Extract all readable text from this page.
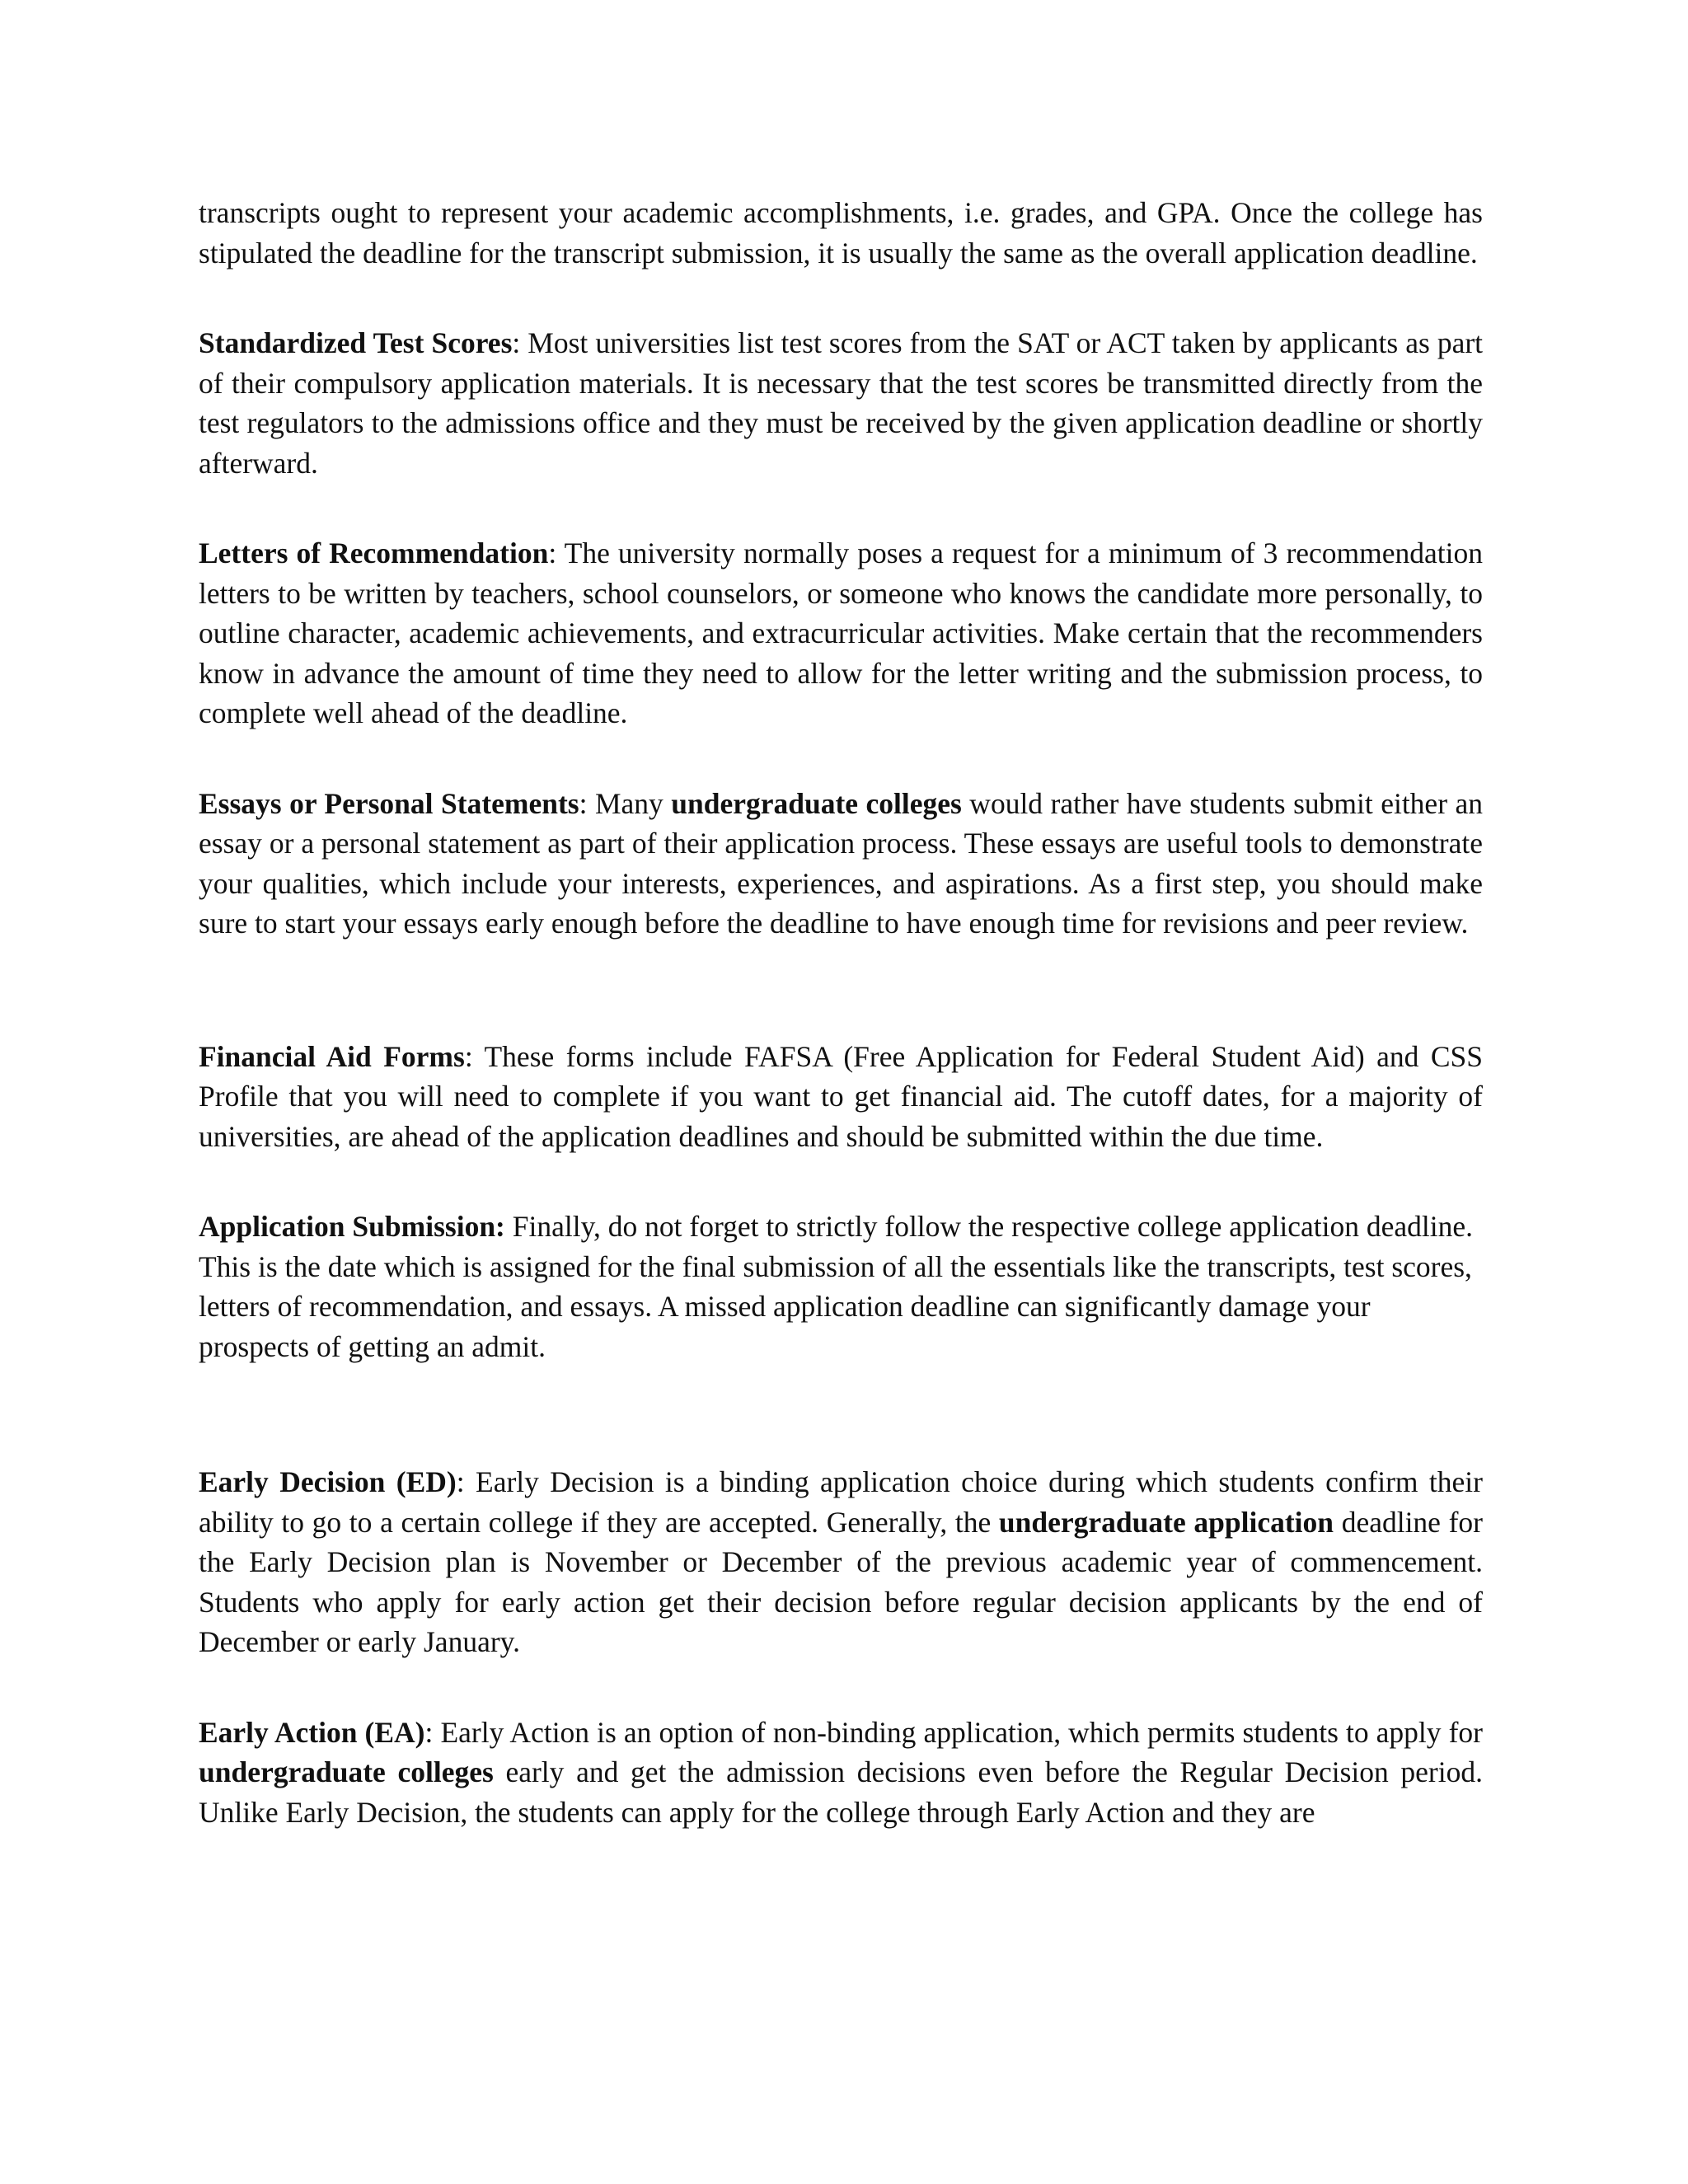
transcripts ought to represent your academic accomplishments, i.e. grades, and GPA. Once the college has stipulated the deadline for the transcript submission, it is usually the same as the overall application deadline.

Standardized Test Scores: Most universities list test scores from the SAT or ACT taken by applicants as part of their compulsory application materials. It is necessary that the test scores be transmitted directly from the test regulators to the admissions office and they must be received by the given application deadline or shortly afterward.

Letters of Recommendation: The university normally poses a request for a minimum of 3 recommendation letters to be written by teachers, school counselors, or someone who knows the candidate more personally, to outline character, academic achievements, and extracurricular activities. Make certain that the recommenders know in advance the amount of time they need to allow for the letter writing and the submission process, to complete well ahead of the deadline.

Essays or Personal Statements: Many undergraduate colleges would rather have students submit either an essay or a personal statement as part of their application process. These essays are useful tools to demonstrate your qualities, which include your interests, experiences, and aspirations. As a first step, you should make sure to start your essays early enough before the deadline to have enough time for revisions and peer review.

Financial Aid Forms: These forms include FAFSA (Free Application for Federal Student Aid) and CSS Profile that you will need to complete if you want to get financial aid. The cutoff dates, for a majority of universities, are ahead of the application deadlines and should be submitted within the due time.

Application Submission: Finally, do not forget to strictly follow the respective college application deadline. This is the date which is assigned for the final submission of all the essentials like the transcripts, test scores, letters of recommendation, and essays. A missed application deadline can significantly damage your prospects of getting an admit.

Early Decision (ED): Early Decision is a binding application choice during which students confirm their ability to go to a certain college if they are accepted. Generally, the undergraduate application deadline for the Early Decision plan is November or December of the previous academic year of commencement. Students who apply for early action get their decision before regular decision applicants by the end of December or early January.

Early Action (EA): Early Action is an option of non-binding application, which permits students to apply for undergraduate colleges early and get the admission decisions even before the Regular Decision period. Unlike Early Decision, the students can apply for the college through Early Action and they are
